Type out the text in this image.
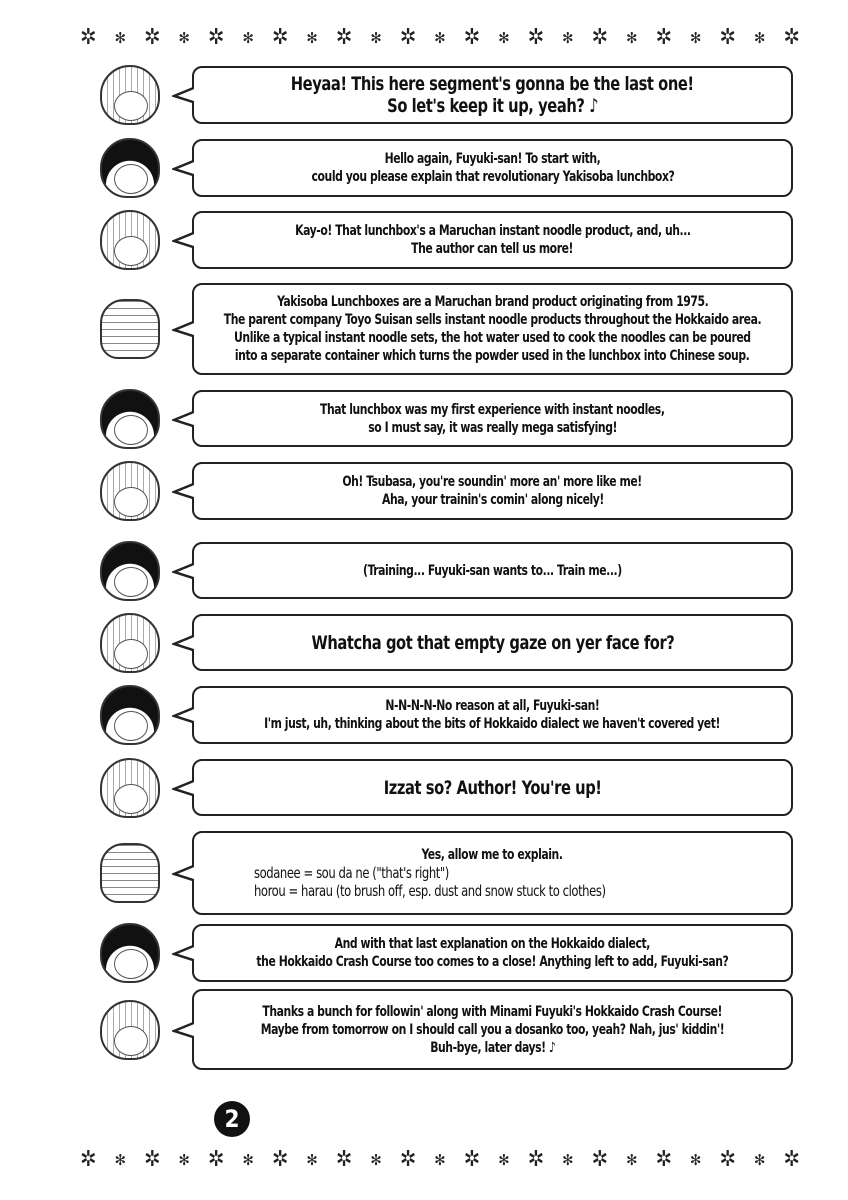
✲ ✻ ✲ ✻ ✲ ✻ ✲ ✻ ✲ ✻ ✲ ✻ ✲ ✻ ✲ ✻ ✲ ✻ ✲ ✻ ✲ ✻ ✲
Heyaa! This here segment's gonna be the last one!
So let's keep it up, yeah? ♪
Hello again, Fuyuki-san! To start with,
could you please explain that revolutionary Yakisoba lunchbox?
Kay-o! That lunchbox's a Maruchan instant noodle product, and, uh...
The author can tell us more!
Yakisoba Lunchboxes are a Maruchan brand product originating from 1975.
The parent company Toyo Suisan sells instant noodle products throughout the Hokkaido area.
Unlike a typical instant noodle sets, the hot water used to cook the noodles can be poured
into a separate container which turns the powder used in the lunchbox into Chinese soup.
That lunchbox was my first experience with instant noodles,
so I must say, it was really mega satisfying!
Oh! Tsubasa, you're soundin' more an' more like me!
Aha, your trainin's comin' along nicely!
(Training... Fuyuki-san wants to... Train me...)
Whatcha got that empty gaze on yer face for?
N-N-N-N-No reason at all, Fuyuki-san!
I'm just, uh, thinking about the bits of Hokkaido dialect we haven't covered yet!
Izzat so? Author! You're up!
Yes, allow me to explain.
sodanee = sou da ne ("that's right")
horou = harau (to brush off, esp. dust and snow stuck to clothes)
And with that last explanation on the Hokkaido dialect,
the Hokkaido Crash Course too comes to a close! Anything left to add, Fuyuki-san?
Thanks a bunch for followin' along with Minami Fuyuki's Hokkaido Crash Course!
Maybe from tomorrow on I should call you a dosanko too, yeah? Nah, jus' kiddin'!
Buh-bye, later days! ♪
2
✲ ✻ ✲ ✻ ✲ ✻ ✲ ✻ ✲ ✻ ✲ ✻ ✲ ✻ ✲ ✻ ✲ ✻ ✲ ✻ ✲ ✻ ✲
